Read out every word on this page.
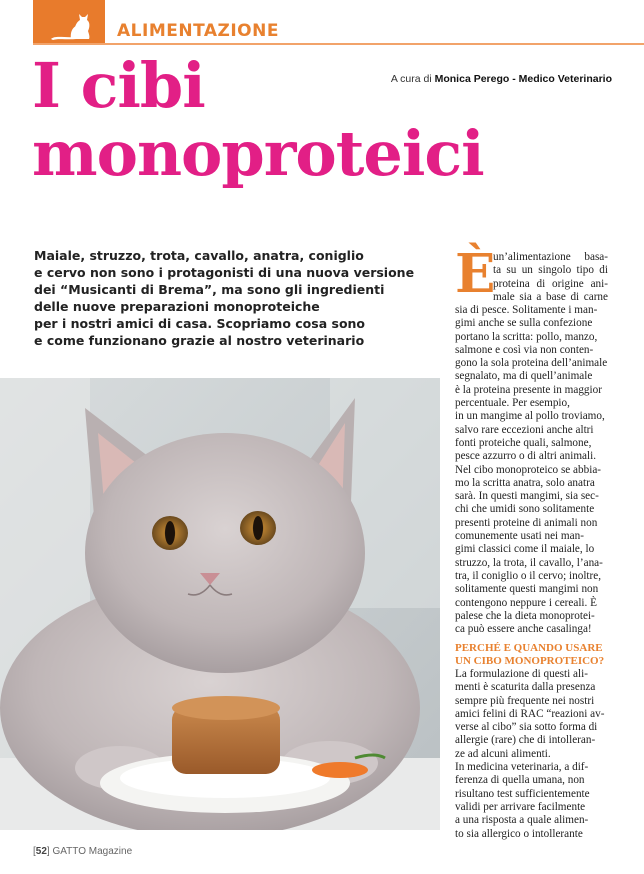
ALIMENTAZIONE
A cura di Monica Perego - Medico Veterinario
I cibi
monoproteici
Maiale, struzzo, trota, cavallo, anatra, coniglio
e cervo non sono i protagonisti di una nuova versione
dei “Musicanti di Brema”, ma sono gli ingredienti
delle nuove preparazioni monoproteiche
per i nostri amici di casa. Scopriamo cosa sono
e come funzionano grazie al nostro veterinario
È
un’alimentazione basa-
ta su un singolo tipo di
proteina di origine ani-
male sia a base di carne
sia di pesce. Solitamente i man-
gimi anche se sulla confezione
portano la scritta: pollo, manzo,
salmone e così via non conten-
gono la sola proteina dell’animale
segnalato, ma di quell’animale
è la proteina presente in maggior
percentuale. Per esempio,
in un mangime al pollo troviamo,
salvo rare eccezioni anche altri
fonti proteiche quali, salmone,
pesce azzurro o di altri animali.
Nel cibo monoproteico se abbia-
mo la scritta anatra, solo anatra
sarà. In questi mangimi, sia sec-
chi che umidi sono solitamente
presenti proteine di animali non
comunemente usati nei man-
gimi classici come il maiale, lo
struzzo, la trota, il cavallo, l’ana-
tra, il coniglio o il cervo; inoltre,
solitamente questi mangimi non
contengono neppure i cereali. È
palese che la dieta monoprotei-
ca può essere anche casalinga!
PERCHÉ E QUANDO USARE
UN CIBO MONOPROTEICO?
La formulazione di questi ali-
menti è scaturita dalla presenza
sempre più frequente nei nostri
amici felini di RAC “reazioni av-
verse al cibo” sia sotto forma di
allergie (rare) che di intolleran-
ze ad alcuni alimenti.
In medicina veterinaria, a dif-
ferenza di quella umana, non
risultano test sufficientemente
validi per arrivare facilmente
a una risposta a quale alimen-
to sia allergico o intollerante
[52] GATTO Magazine
